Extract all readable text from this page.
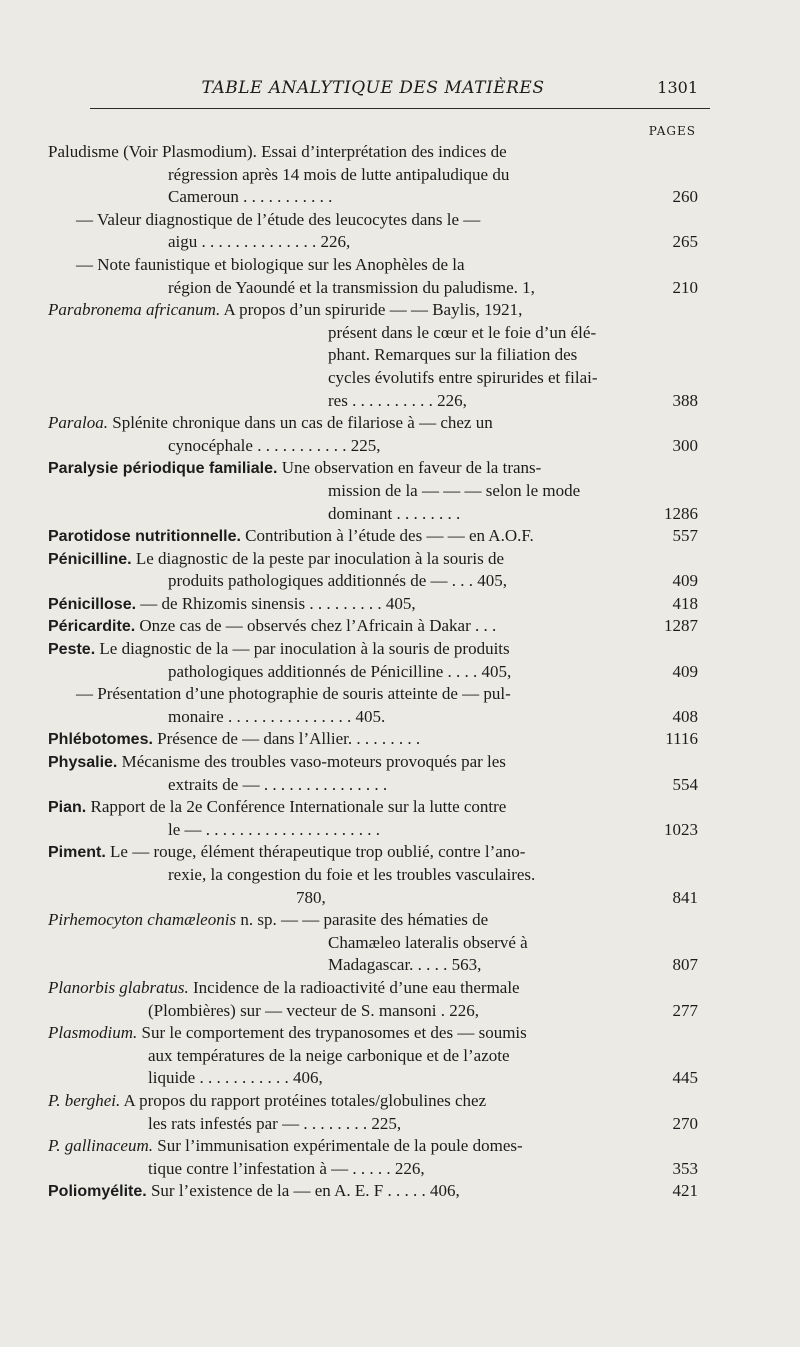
TABLE ANALYTIQUE DES MATIÈRES	1301
PAGES
Paludisme (Voir Plasmodium). Essai d’interprétation des indices de
régression après 14 mois de lutte antipaludique du
Cameroun . . . . . . . . . . .	260
— Valeur diagnostique de l’étude des leucocytes dans le —
aigu . . . . . . . . . . . . . . 226,	265
— Note faunistique et biologique sur les Anophèles de la
région de Yaoundé et la transmission du paludisme. 1,	210
Parabronema africanum. A propos d’un spiruride — — Baylis, 1921,
présent dans le cœur et le foie d’un élé-
phant. Remarques sur la filiation des
cycles évolutifs entre spirurides et filai-
res . . . . . . . . . . 226,	388
Paraloa. Splénite chronique dans un cas de filariose à — chez un
cynocéphale . . . . . . . . . . . 225,	300
Paralysie périodique familiale. Une observation en faveur de la trans-
mission de la — — — selon le mode
dominant . . . . . . . .	1286
Parotidose nutritionnelle. Contribution à l’étude des — — en A.O.F.	557
Pénicilline. Le diagnostic de la peste par inoculation à la souris de
produits pathologiques additionnés de — . . . 405,	409
Pénicillose. — de Rhizomis sinensis . . . . . . . . . 405,	418
Péricardite. Onze cas de — observés chez l’Africain à Dakar . . .	1287
Peste. Le diagnostic de la — par inoculation à la souris de produits
pathologiques additionnés de Pénicilline . . . . 405,	409
— Présentation d’une photographie de souris atteinte de — pul-
monaire . . . . . . . . . . . . . . . 405.	408
Phlébotomes. Présence de — dans l’Allier. . . . . . . . .	1116
Physalie. Mécanisme des troubles vaso-moteurs provoqués par les
extraits de — . . . . . . . . . . . . . . .	554
Pian. Rapport de la 2e Conférence Internationale sur la lutte contre
le — . . . . . . . . . . . . . . . . . . . . .	1023
Piment. Le — rouge, élément thérapeutique trop oublié, contre l’ano-
rexie, la congestion du foie et les troubles vasculaires.
780,	841
Pirhemocyton chamæleonis n. sp. — — parasite des hématies de
Chamæleo lateralis observé à
Madagascar. . . . . 563,	807
Planorbis glabratus. Incidence de la radioactivité d’une eau thermale
(Plombières) sur — vecteur de S. mansoni . 226,	277
Plasmodium. Sur le comportement des trypanosomes et des — soumis
aux températures de la neige carbonique et de l’azote
liquide . . . . . . . . . . . 406,	445
P. berghei. A propos du rapport protéines totales/globulines chez
les rats infestés par — . . . . . . . . 225,	270
P. gallinaceum. Sur l’immunisation expérimentale de la poule domes-
tique contre l’infestation à — . . . . . 226,	353
Poliomyélite. Sur l’existence de la — en A. E. F . . . . . 406,	421
